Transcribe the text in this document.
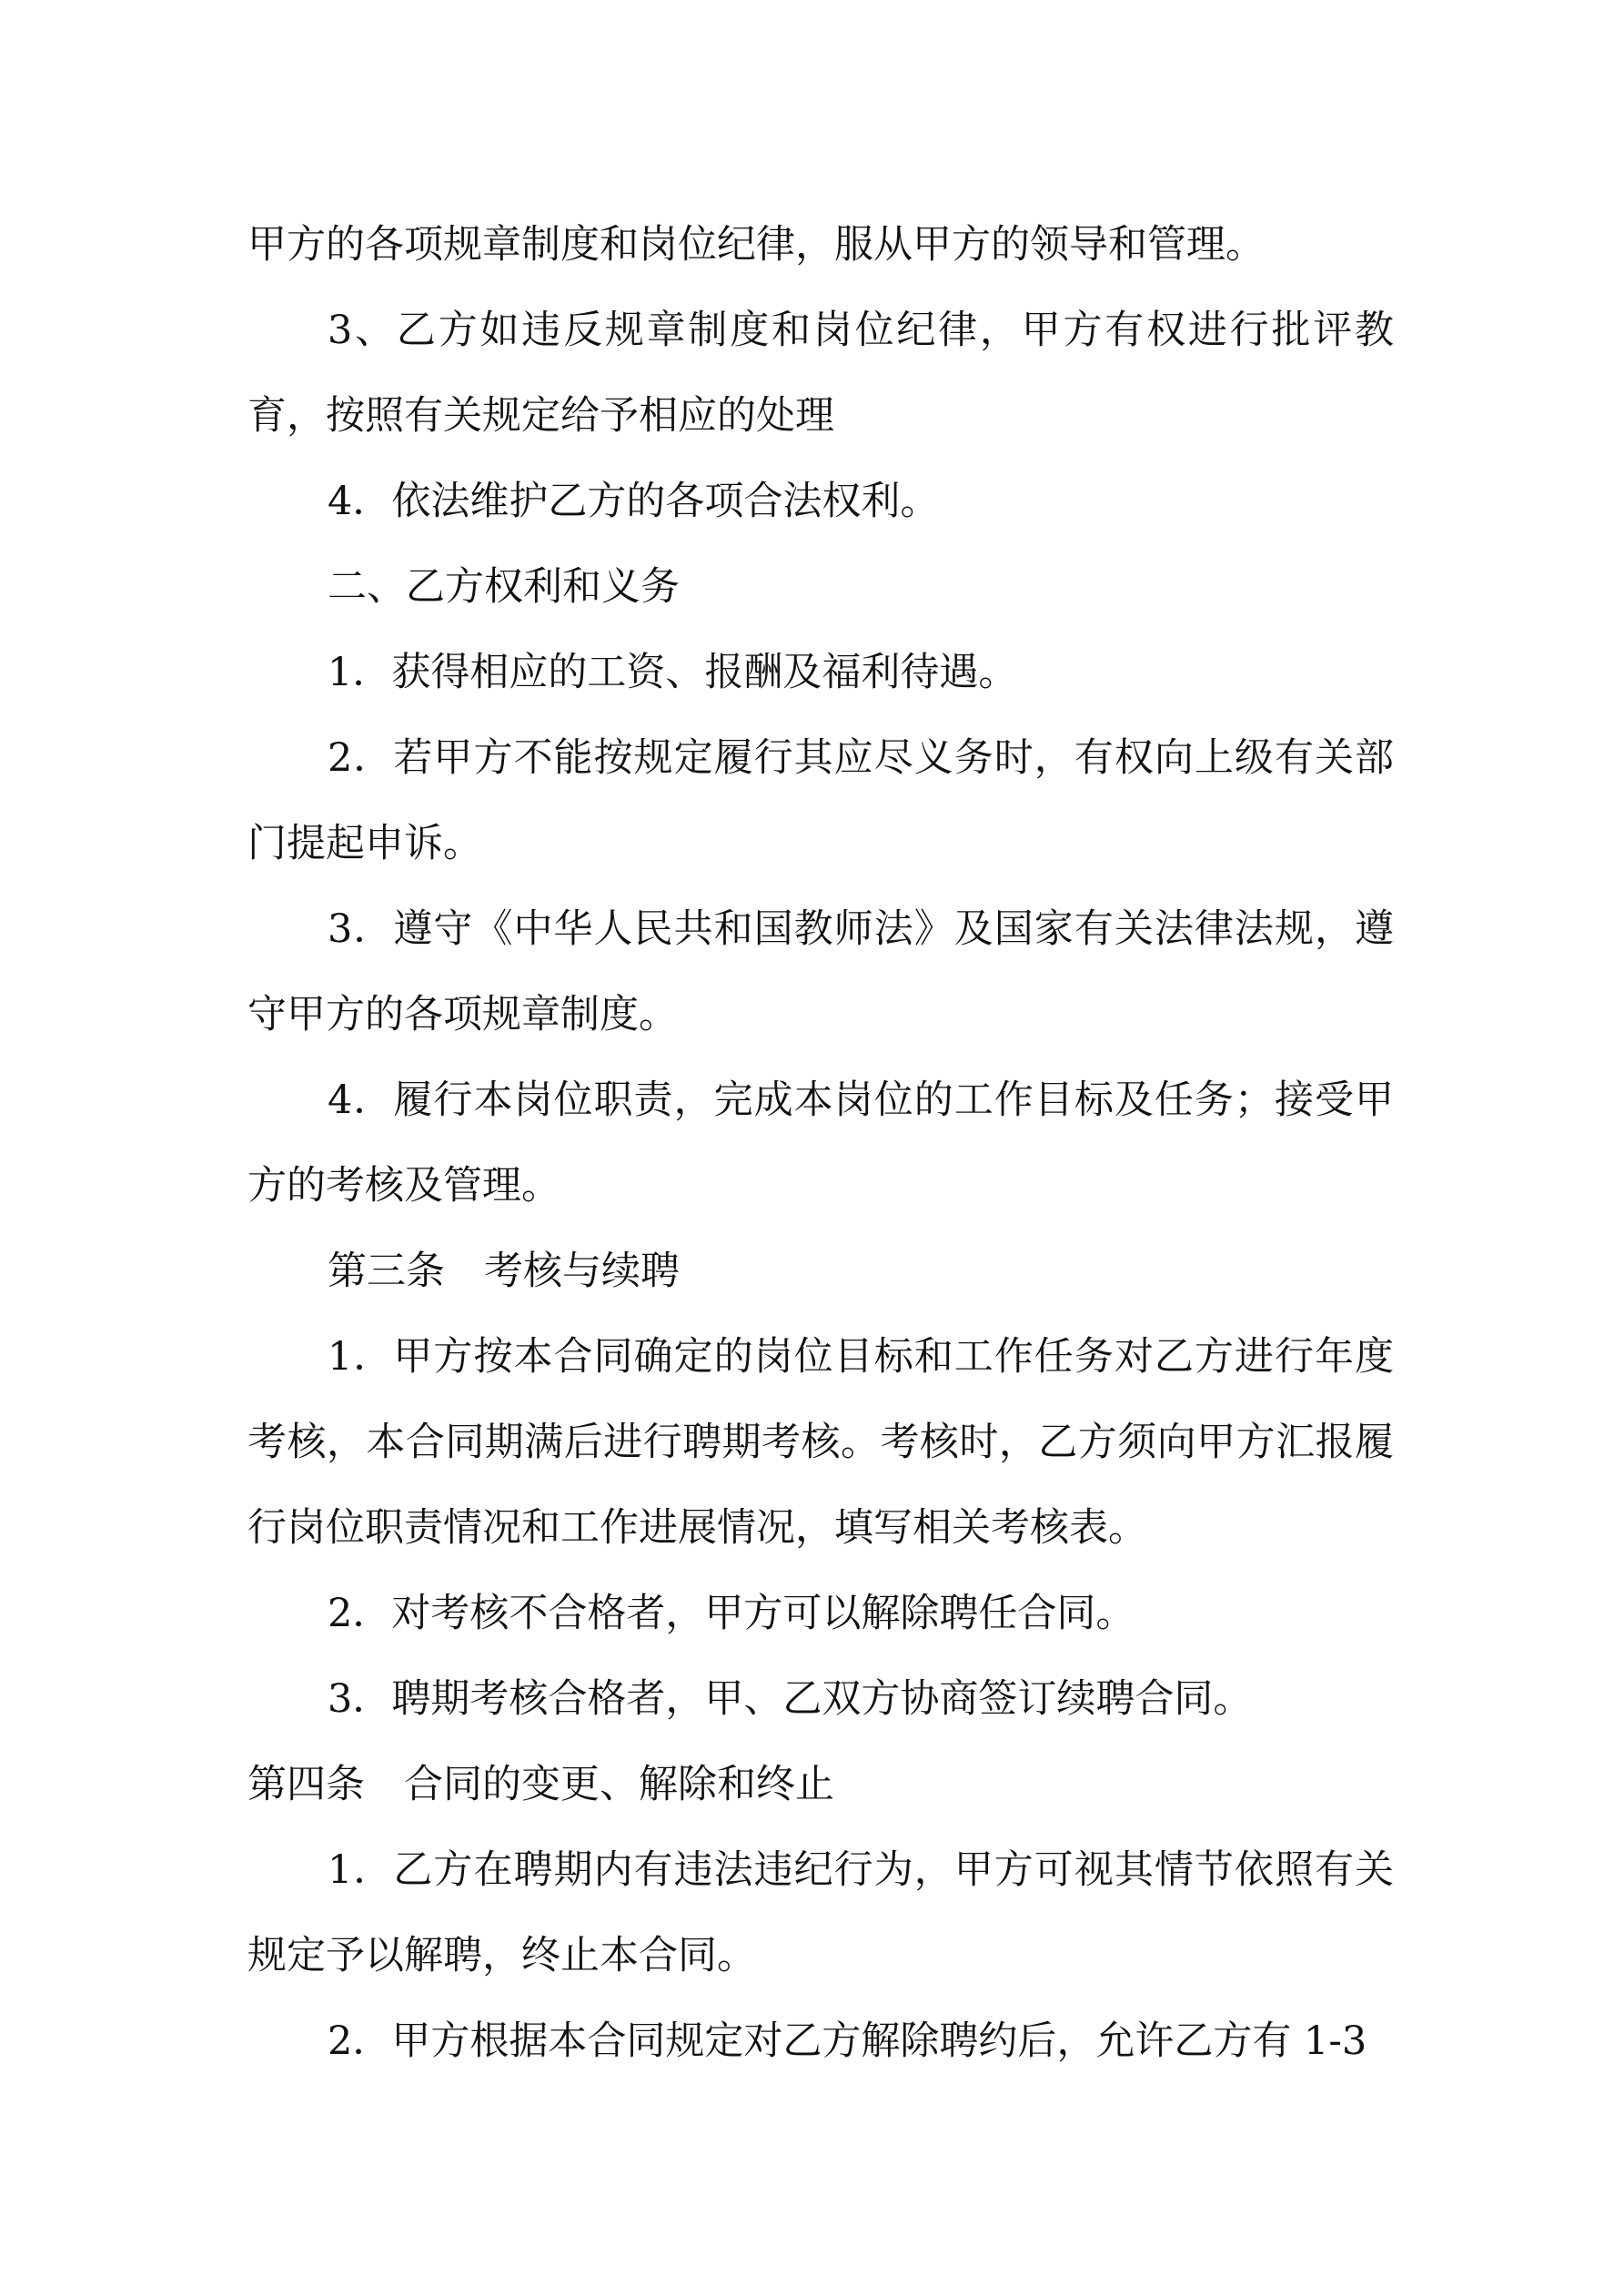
甲方的各项规章制度和岗位纪律，服从甲方的领导和管理。

3、乙方如违反规章制度和岗位纪律，甲方有权进行批评教育，按照有关规定给予相应的处理

4．依法维护乙方的各项合法权利。

二、乙方权利和义务

1．获得相应的工资、报酬及福利待遇。

2．若甲方不能按规定履行其应尽义务时，有权向上级有关部门提起申诉。

3．遵守《中华人民共和国教师法》及国家有关法律法规，遵守甲方的各项规章制度。

4．履行本岗位职责，完成本岗位的工作目标及任务；接受甲方的考核及管理。

第三条　考核与续聘

1．甲方按本合同确定的岗位目标和工作任务对乙方进行年度考核，本合同期满后进行聘期考核。考核时，乙方须向甲方汇报履行岗位职责情况和工作进展情况，填写相关考核表。

2．对考核不合格者，甲方可以解除聘任合同。

3．聘期考核合格者，甲、乙双方协商签订续聘合同。

第四条　合同的变更、解除和终止

1．乙方在聘期内有违法违纪行为，甲方可视其情节依照有关规定予以解聘，终止本合同。

2．甲方根据本合同规定对乙方解除聘约后，允许乙方有 1-3
